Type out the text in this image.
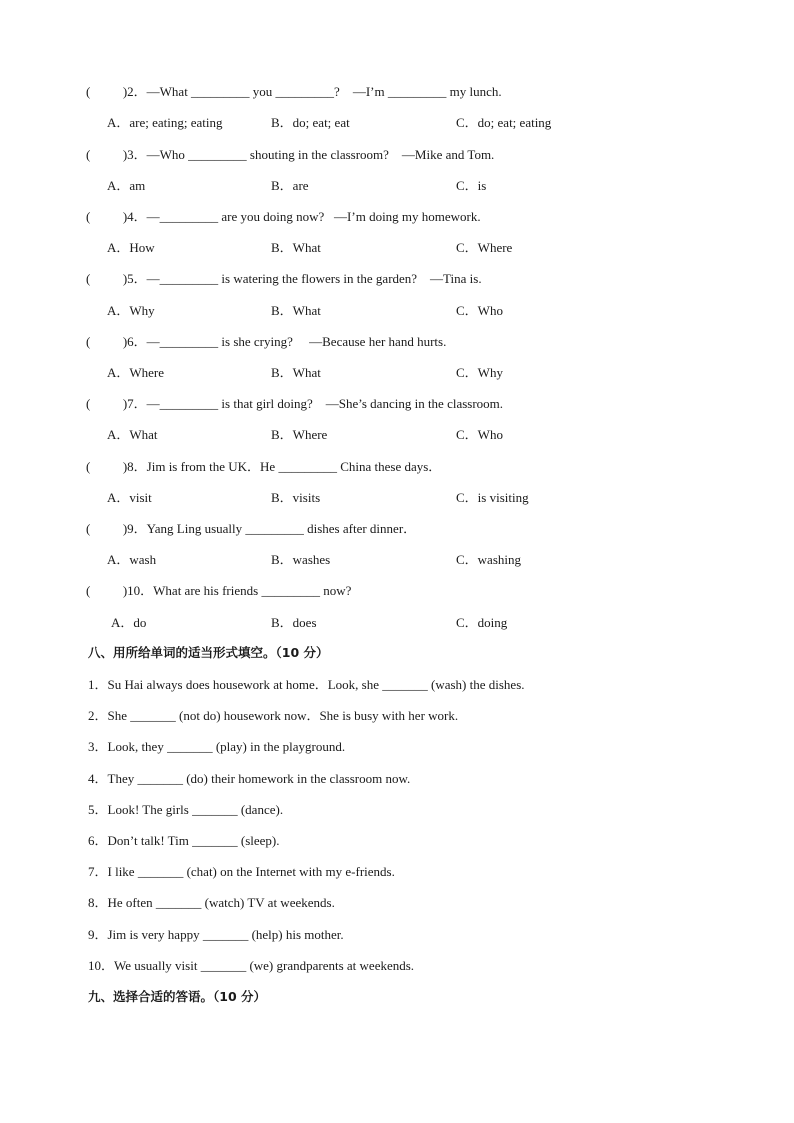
(          )2．—What _________ you _________?    —I’m _________ my lunch.
A．are; eating; eating	B．do; eat; eat	C．do; eat; eating
(          )3．—Who _________ shouting in the classroom?    —Mike and Tom.
A．am	B．are	C．is
(          )4．—_________ are you doing now?   —I’m doing my homework.
A．How	B．What	C．Where
(          )5．—_________ is watering the flowers in the garden?    —Tina is.
A．Why	B．What	C．Who
(          )6．—_________ is she crying?     —Because her hand hurts.
A．Where	B．What	C．Why
(          )7．—_________ is that girl doing?    —She’s dancing in the classroom.
A．What	B．Where	C．Who
(          )8．Jim is from the UK．He _________ China these days．
A．visit	B．visits	C．is visiting
(          )9．Yang Ling usually _________ dishes after dinner．
A．wash	B．washes	C．washing
(          )10．What are his friends _________ now?
A．do	B．does	C．doing
八、用所给单词的适当形式填空。（10 分）
1．Su Hai always does housework at home．Look, she _______ (wash) the dishes.
2．She _______ (not do) housework now．She is busy with her work.
3．Look, they _______ (play) in the playground.
4．They _______ (do) their homework in the classroom now.
5．Look! The girls _______ (dance).
6．Don’t talk! Tim _______ (sleep).
7．I like _______ (chat) on the Internet with my e-friends.
8．He often _______ (watch) TV at weekends.
9．Jim is very happy _______ (help) his mother.
10．We usually visit _______ (we) grandparents at weekends.
九、选择合适的答语。（10 分）
